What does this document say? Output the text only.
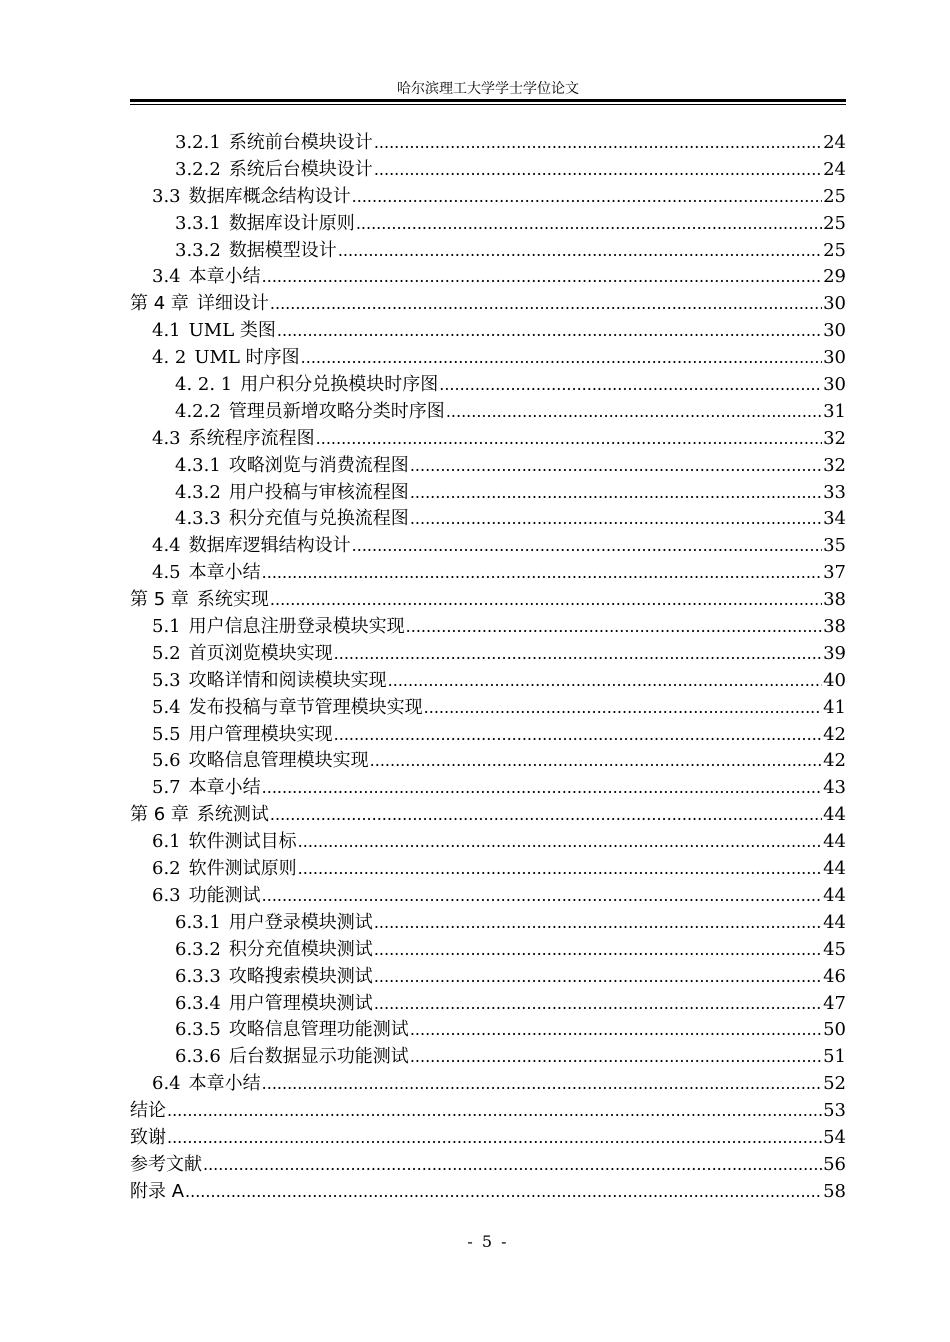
哈尔滨理工大学学士学位论文
3.2.1 系统前台模块设计 .....	24
3.2.2 系统后台模块设计 .....	24
3.3 数据库概念结构设计 .....	25
3.3.1 数据库设计原则 .....	25
3.3.2 数据模型设计 .....	25
3.4 本章小结 .....	29
第 4 章 详细设计 .....	30
4.1 UML 类图 .....	30
4. 2 UML 时序图 .....	30
4. 2. 1 用户积分兑换模块时序图 .....	30
4.2.2 管理员新增攻略分类时序图 .....	31
4.3 系统程序流程图 .....	32
4.3.1 攻略浏览与消费流程图 .....	32
4.3.2 用户投稿与审核流程图 .....	33
4.3.3 积分充值与兑换流程图 .....	34
4.4 数据库逻辑结构设计 .....	35
4.5 本章小结 .....	37
第 5 章 系统实现 .....	38
5.1 用户信息注册登录模块实现 .....	38
5.2 首页浏览模块实现 .....	39
5.3 攻略详情和阅读模块实现 .....	40
5.4 发布投稿与章节管理模块实现 .....	41
5.5 用户管理模块实现 .....	42
5.6 攻略信息管理模块实现 .....	42
5.7 本章小结 .....	43
第 6 章 系统测试 .....	44
6.1 软件测试目标 .....	44
6.2 软件测试原则 .....	44
6.3 功能测试 .....	44
6.3.1 用户登录模块测试 .....	44
6.3.2 积分充值模块测试 .....	45
6.3.3 攻略搜索模块测试 .....	46
6.3.4 用户管理模块测试 .....	47
6.3.5 攻略信息管理功能测试 .....	50
6.3.6 后台数据显示功能测试 .....	51
6.4 本章小结 .....	52
结论 .....	53
致谢 .....	54
参考文献 .....	56
附录 A .....	58
- 5 -
